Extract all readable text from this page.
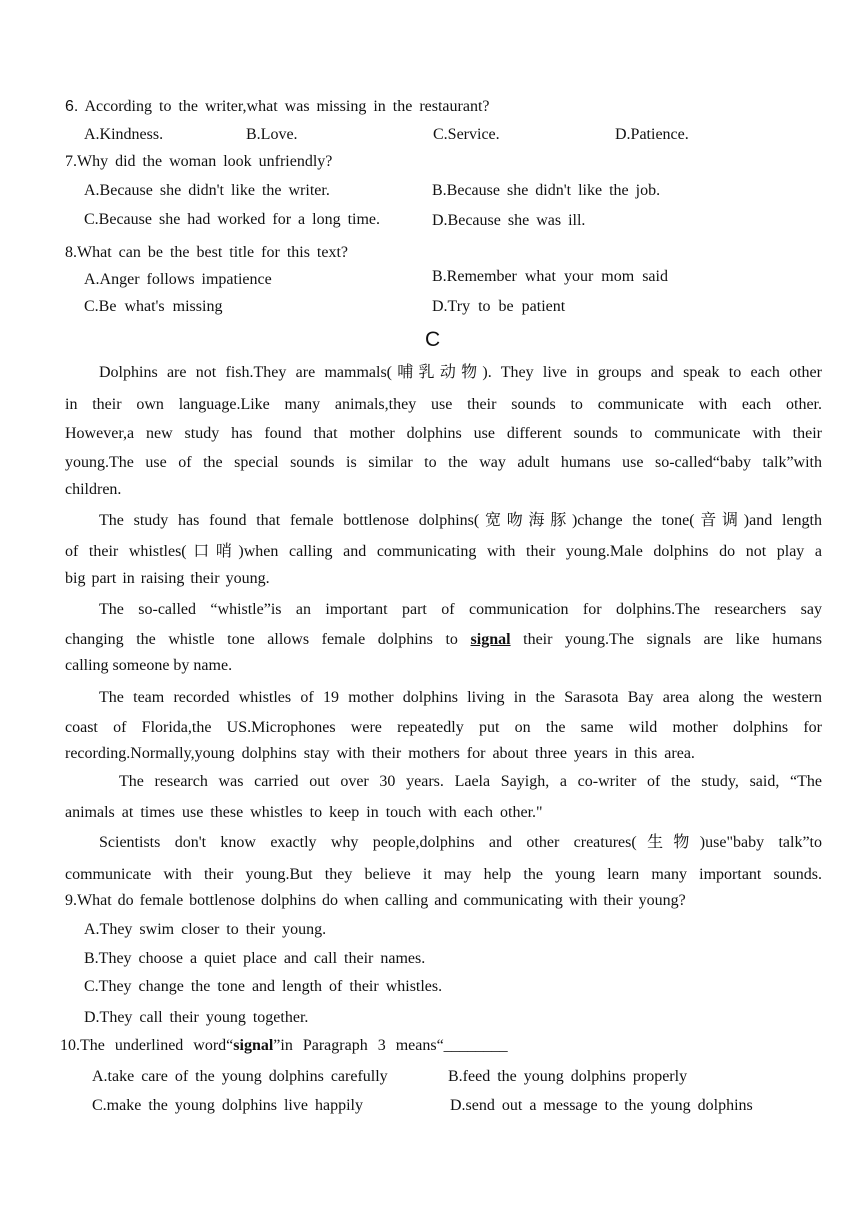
6. According to the writer,what was missing in the restaurant?
A.Kindness.	B.Love.	C.Service.	D.Patience.
7.Why did the woman look unfriendly?
A.Because she didn't like the writer.	B.Because she didn't like the job.
C.Because she had worked for a long time.	D.Because she was ill.
8.What can be the best title for this text?
A.Anger follows impatience	B.Remember what your mom said
C.Be what's missing	D.Try to be patient
C
Dolphins are not fish.They are mammals(哺乳动物). They live in groups and speak to each other
in their own language.Like many animals,they use their sounds to communicate with each other.
However,a new study has found that mother dolphins use different sounds to communicate with their
young.The use of the special sounds is similar to the way adult humans use so-called“baby talk”with
children.
The study has found that female bottlenose dolphins(宽吻海豚)change the tone(音调)and length
of their whistles(口哨)when calling and communicating with their young.Male dolphins do not play a
big part in raising their young.
The so-called “whistle”is an important part of communication for dolphins.The researchers say
changing the whistle tone allows female dolphins to signal their young.The signals are like humans
calling someone by name.
The team recorded whistles of 19 mother dolphins living in the Sarasota Bay area along the western
coast of Florida,the US.Microphones were repeatedly put on the same wild mother dolphins for
recording.Normally,young dolphins stay with their mothers for about three years in this area.
The research was carried out over 30 years. Laela Sayigh, a co-writer of the study, said, “The
animals at times use these whistles to keep in touch with each other."
Scientists don't know exactly why people,dolphins and other creatures(生物)use"baby talk”to
communicate with their young.But they believe it may help the young learn many important sounds.
9.What do female bottlenose dolphins do when calling and communicating with their young?
A.They swim closer to their young.
B.They choose a quiet place and call their names.
C.They change the tone and length of their whistles.
D.They call their young together.
10.The underlined word“signal”in Paragraph 3 means“________
A.take care of the young dolphins carefully	B.feed the young dolphins properly
C.make the young dolphins live happily	D.send out a message to the young dolphins
